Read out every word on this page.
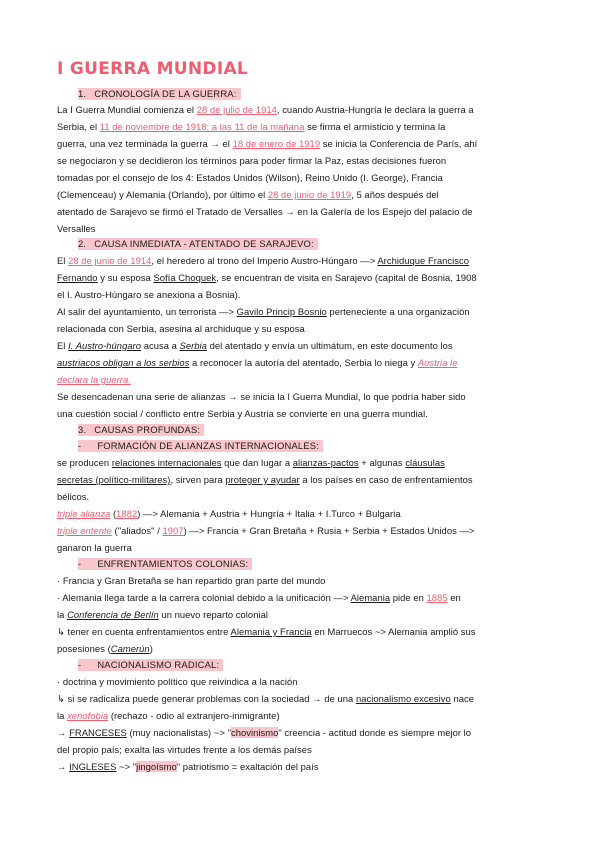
I GUERRA MUNDIAL
1. CRONOLOGÍA DE LA GUERRA:
La I Guerra Mundial comienza el 28 de julio de 1914, cuando Austria-Hungría le declara la guerra a
Serbia, el 11 de noviembre de 1918; a las 11 de la mañana se firma el armisticio y termina la
guerra, una vez terminada la guerra → el 18 de enero de 1919 se inicia la Conferencia de París, ahí
se negociaron y se decidieron los términos para poder firmar la Paz, estas decisiones fueron
tomadas por el consejo de los 4: Estados Unidos (Wilson), Reino Unido (I. George), Francia
(Clemenceau) y Alemania (Orlando), por último el 28 de junio de 1919, 5 años después del
atentado de Sarajevo se firmó el Tratado de Versalles → en la Galería de los Espejo del palacio de
Versalles
2. CAUSA INMEDIATA - ATENTADO DE SARAJEVO:
El 28 de junio de 1914, el heredero al trono del Imperio Austro-Húngaro —> Archiduque Francisco
Fernando y su esposa Sofía Choquek, se encuentran de visita en Sarajevo (capital de Bosnia, 1908
el I. Austro-Húngaro se anexiona a Bosnia).
Al salir del ayuntamiento, un terrorista —> Gavilo Princip Bosnio perteneciente a una organización
relacionada con Serbia, asesina al archiduque y su esposa
El I. Austro-húngaro acusa a Serbia del atentado y envía un ultimátum, en este documento los
austriacos obligan a los serbios a reconocer la autoría del atentado, Serbia lo niega y Austria le
declara la guerra.
Se desencadenan una serie de alianzas → se inicia la I Guerra Mundial, lo que podría haber sido
una cuestión social / conflicto entre Serbia y Austria se convierte en una guerra mundial.
3. CAUSAS PROFUNDAS:
- FORMACIÓN DE ALIANZAS INTERNACIONALES:
se producen relaciones internacionales que dan lugar a alianzas-pactos + algunas cláusulas
secretas (político-militares), sirven para proteger y ayudar a los países en caso de enfrentamientos
bélicos.
triple alianza (1882) —> Alemania + Austria + Hungría + Italia + I.Turco + Bulgaria
triple entente ("aliados" / 1907) —> Francia + Gran Bretaña + Rusia + Serbia + Estados Unidos —>
ganaron la guerra
- ENFRENTAMIENTOS COLONIAS:
· Francia y Gran Bretaña se han repartido gran parte del mundo
· Alemania llega tarde a la carrera colonial debido a la unificación —> Alemania pide en 1885 en
la Conferencia de Berlín un nuevo reparto colonial
↳ tener en cuenta enfrentamientos entre Alemania y Francia en Marruecos ~> Alemania amplió sus
posesiones (Camerún)
- NACIONALISMO RADICAL:
· doctrina y movimiento político que reivindica a la nación
↳ si se radicaliza puede generar problemas con la sociedad → de una nacionalismo excesivo nace
la xenofobia (rechazo - odio al extranjero-inmigrante)
→ FRANCESES (muy nacionalistas) ~> "chovinismo" creencia - actitud donde es siempre mejor lo
del propio país; exalta las virtudes frente a los demás países
→ INGLESES ~> "jingoísmo" patriotismo = exaltación del país
